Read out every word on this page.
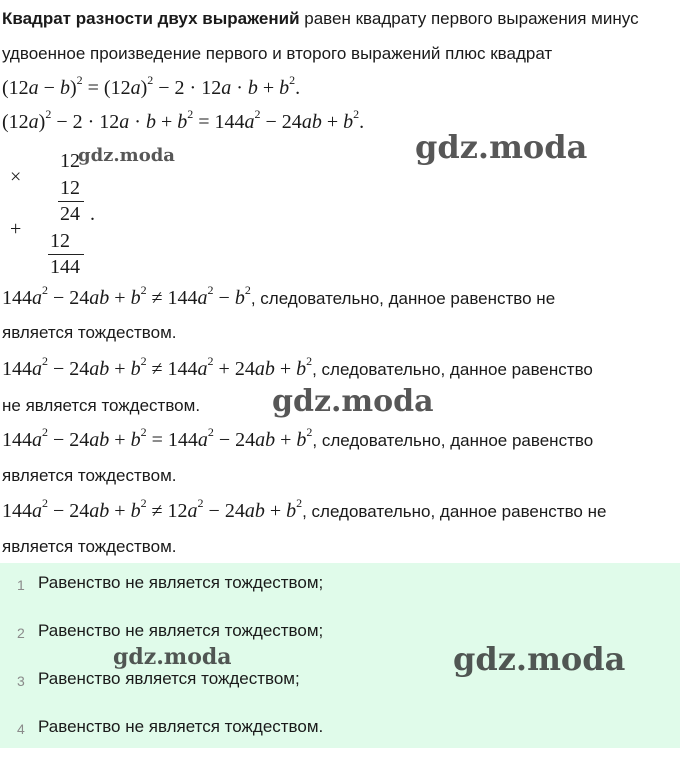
Квадрат разности двух выражений равен квадрату первого выражения минус
удвоенное произведение первого и второго выражений плюс квадрат
$(12a - b)^2 = (12a)^2 - 2 \cdot 12a \cdot b + b^2$.
$(12a)^2 - 2 \cdot 12a \cdot b + b^2 = 144a^2 - 24ab + b^2$.
×
12
12
24 .
+
12
144
$144a^2 - 24ab + b^2 \ne 144a^2 - b^2$, следовательно, данное равенство не
является тождеством.
$144a^2 - 24ab + b^2 \ne 144a^2 + 24ab + b^2$, следовательно, данное равенство
не является тождеством.
$144a^2 - 24ab + b^2 = 144a^2 - 24ab + b^2$, следовательно, данное равенство
является тождеством.
$144a^2 - 24ab + b^2 \ne 12a^2 - 24ab + b^2$, следовательно, данное равенство не
является тождеством.
1 Равенство не является тождеством;
2 Равенство не является тождеством;
3 Равенство является тождеством;
4 Равенство не является тождеством.
gdz.moda	gdz.moda
gdz.moda
gdz.moda	gdz.moda
